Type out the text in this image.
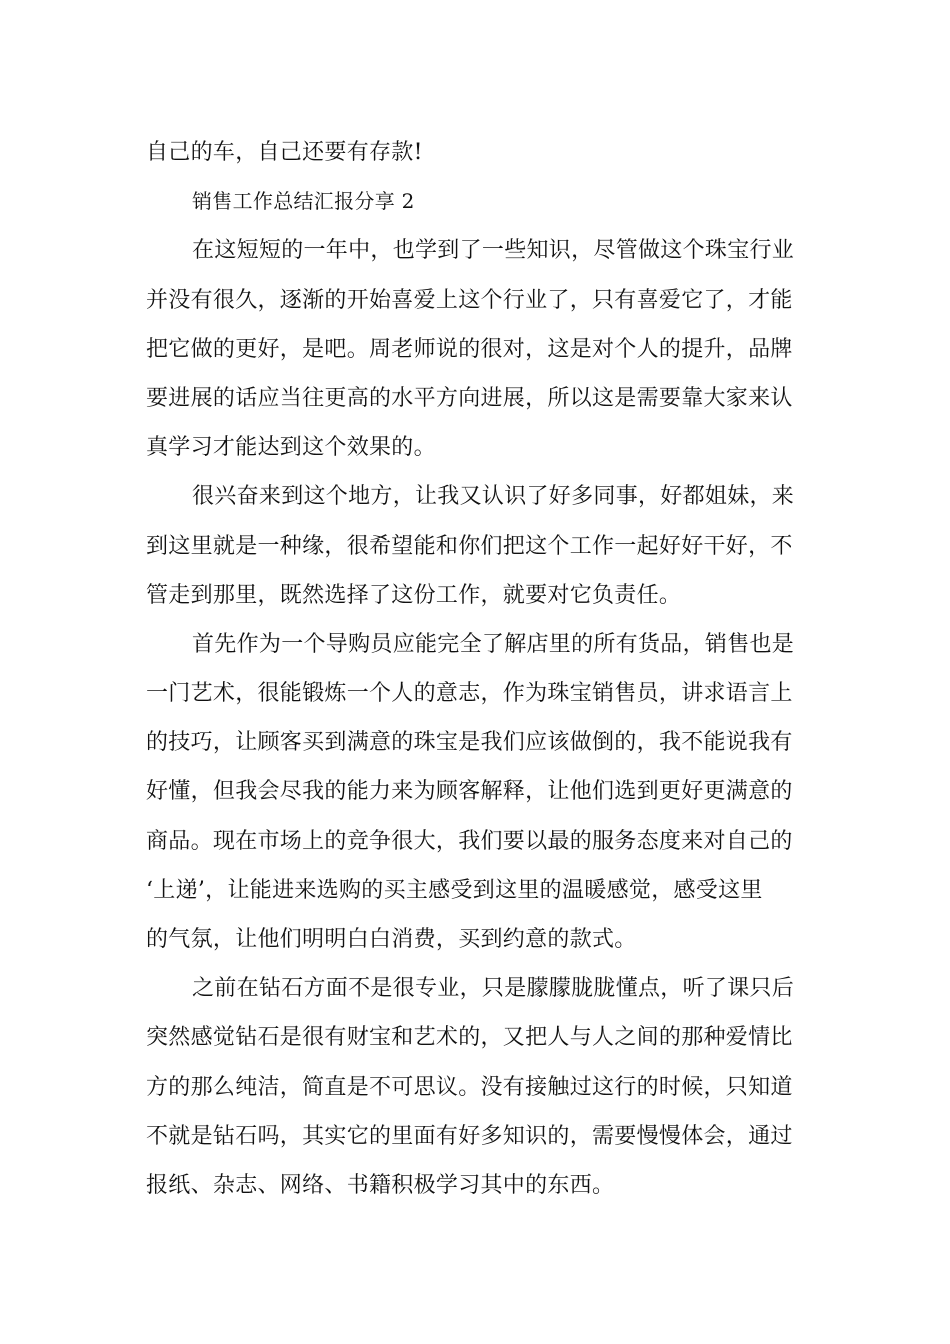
自己的车，自己还要有存款!
销售工作总结汇报分享 2
在这短短的一年中，也学到了一些知识，尽管做这个珠宝行业
并没有很久，逐渐的开始喜爱上这个行业了，只有喜爱它了，才能
把它做的更好，是吧。周老师说的很对，这是对个人的提升，品牌
要进展的话应当往更高的水平方向进展，所以这是需要靠大家来认
真学习才能达到这个效果的。
很兴奋来到这个地方，让我又认识了好多同事，好都姐妹，来
到这里就是一种缘，很希望能和你们把这个工作一起好好干好，不
管走到那里，既然选择了这份工作，就要对它负责任。
首先作为一个导购员应能完全了解店里的所有货品，销售也是
一门艺术，很能锻炼一个人的意志，作为珠宝销售员，讲求语言上
的技巧，让顾客买到满意的珠宝是我们应该做倒的，我不能说我有
好懂，但我会尽我的能力来为顾客解释，让他们选到更好更满意的
商品。现在市场上的竞争很大，我们要以最的服务态度来对自己的
‘上递’，让能进来选购的买主感受到这里的温暖感觉，感受这里
的气氛，让他们明明白白消费，买到约意的款式。
之前在钻石方面不是很专业，只是朦朦胧胧懂点，听了课只后
突然感觉钻石是很有财宝和艺术的，又把人与人之间的那种爱情比
方的那么纯洁，简直是不可思议。没有接触过这行的时候，只知道
不就是钻石吗，其实它的里面有好多知识的，需要慢慢体会，通过
报纸、杂志、网络、书籍积极学习其中的东西。
